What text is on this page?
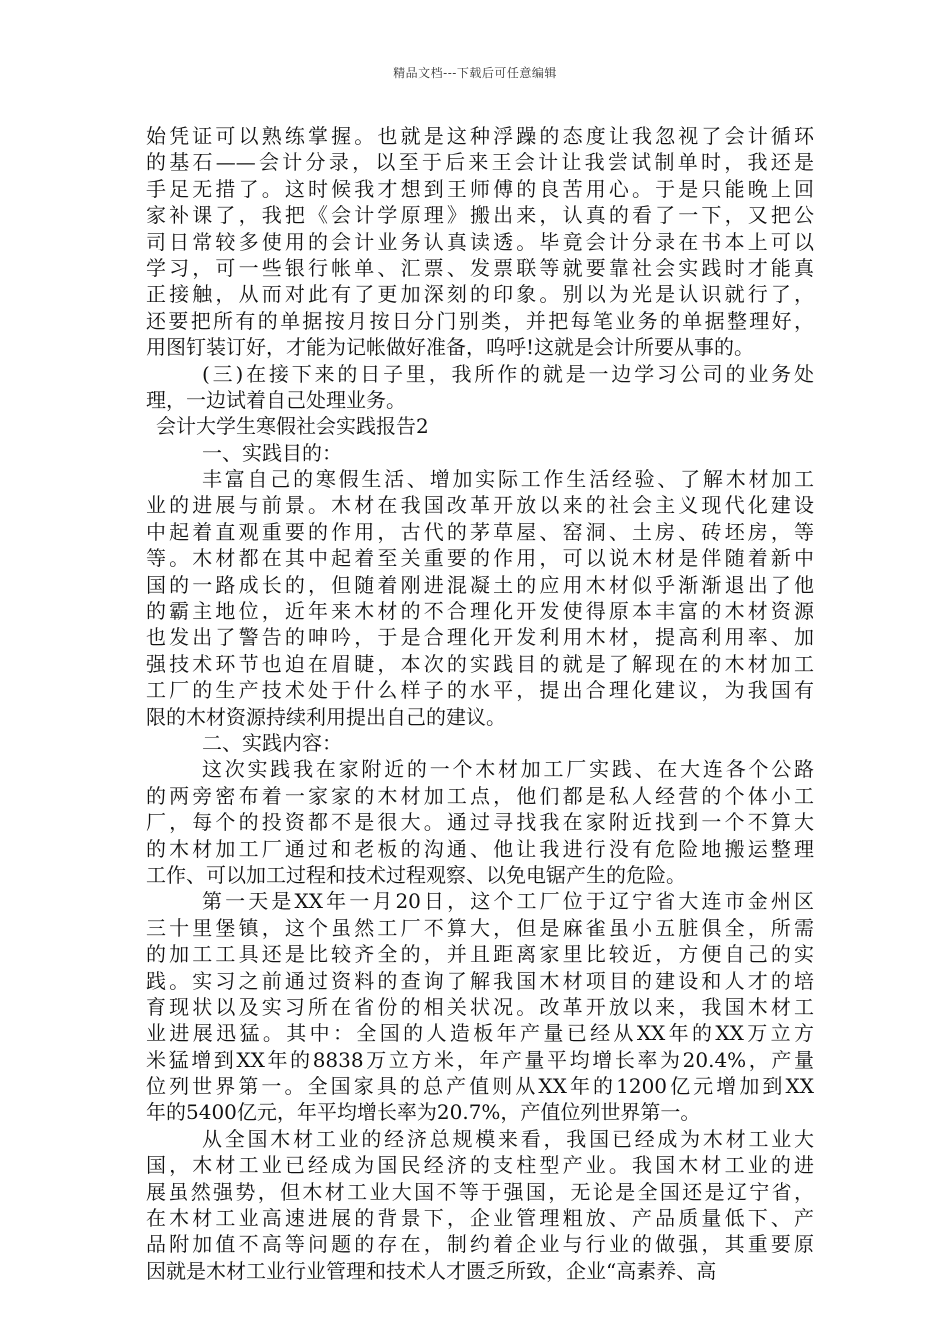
精品文档---下载后可任意编辑
始凭证可以熟练掌握。也就是这种浮躁的态度让我忽视了会计循环
的基石——会计分录，以至于后来王会计让我尝试制单时，我还是
手足无措了。这时候我才想到王师傅的良苦用心。于是只能晚上回
家补课了，我把《会计学原理》搬出来，认真的看了一下，又把公
司日常较多使用的会计业务认真读透。毕竟会计分录在书本上可以
学习，可一些银行帐单、汇票、发票联等就要靠社会实践时才能真
正接触，从而对此有了更加深刻的印象。别以为光是认识就行了，
还要把所有的单据按月按日分门别类，并把每笔业务的单据整理好，
用图钉装订好，才能为记帐做好准备，呜呼!这就是会计所要从事的。
(三)在接下来的日子里，我所作的就是一边学习公司的业务处
理，一边试着自己处理业务。
会计大学生寒假社会实践报告2
一、实践目的：
丰富自己的寒假生活、增加实际工作生活经验、了解木材加工
业的进展与前景。木材在我国改革开放以来的社会主义现代化建设
中起着直观重要的作用，古代的茅草屋、窑洞、土房、砖坯房，等
等。木材都在其中起着至关重要的作用，可以说木材是伴随着新中
国的一路成长的，但随着刚进混凝土的应用木材似乎渐渐退出了他
的霸主地位，近年来木材的不合理化开发使得原本丰富的木材资源
也发出了警告的呻吟，于是合理化开发利用木材，提高利用率、加
强技术环节也迫在眉睫，本次的实践目的就是了解现在的木材加工
工厂的生产技术处于什么样子的水平，提出合理化建议，为我国有
限的木材资源持续利用提出自己的建议。
二、实践内容：
这次实践我在家附近的一个木材加工厂实践、在大连各个公路
的两旁密布着一家家的木材加工点，他们都是私人经营的个体小工
厂，每个的投资都不是很大。通过寻找我在家附近找到一个不算大
的木材加工厂通过和老板的沟通、他让我进行没有危险地搬运整理
工作、可以加工过程和技术过程观察、以免电锯产生的危险。
第一天是XX年一月20日，这个工厂位于辽宁省大连市金州区
三十里堡镇，这个虽然工厂不算大，但是麻雀虽小五脏俱全，所需
的加工工具还是比较齐全的，并且距离家里比较近，方便自己的实
践。实习之前通过资料的查询了解我国木材项目的建设和人才的培
育现状以及实习所在省份的相关状况。改革开放以来，我国木材工
业进展迅猛。其中：全国的人造板年产量已经从XX年的XX万立方
米猛增到XX年的8838万立方米，年产量平均增长率为20.4%，产量
位列世界第一。全国家具的总产值则从XX年的1200亿元增加到XX
年的5400亿元，年平均增长率为20.7%，产值位列世界第一。
从全国木材工业的经济总规模来看，我国已经成为木材工业大
国，木材工业已经成为国民经济的支柱型产业。我国木材工业的进
展虽然强势，但木材工业大国不等于强国，无论是全国还是辽宁省，
在木材工业高速进展的背景下，企业管理粗放、产品质量低下、产
品附加值不高等问题的存在，制约着企业与行业的做强，其重要原
因就是木材工业行业管理和技术人才匮乏所致，企业“高素养、高
